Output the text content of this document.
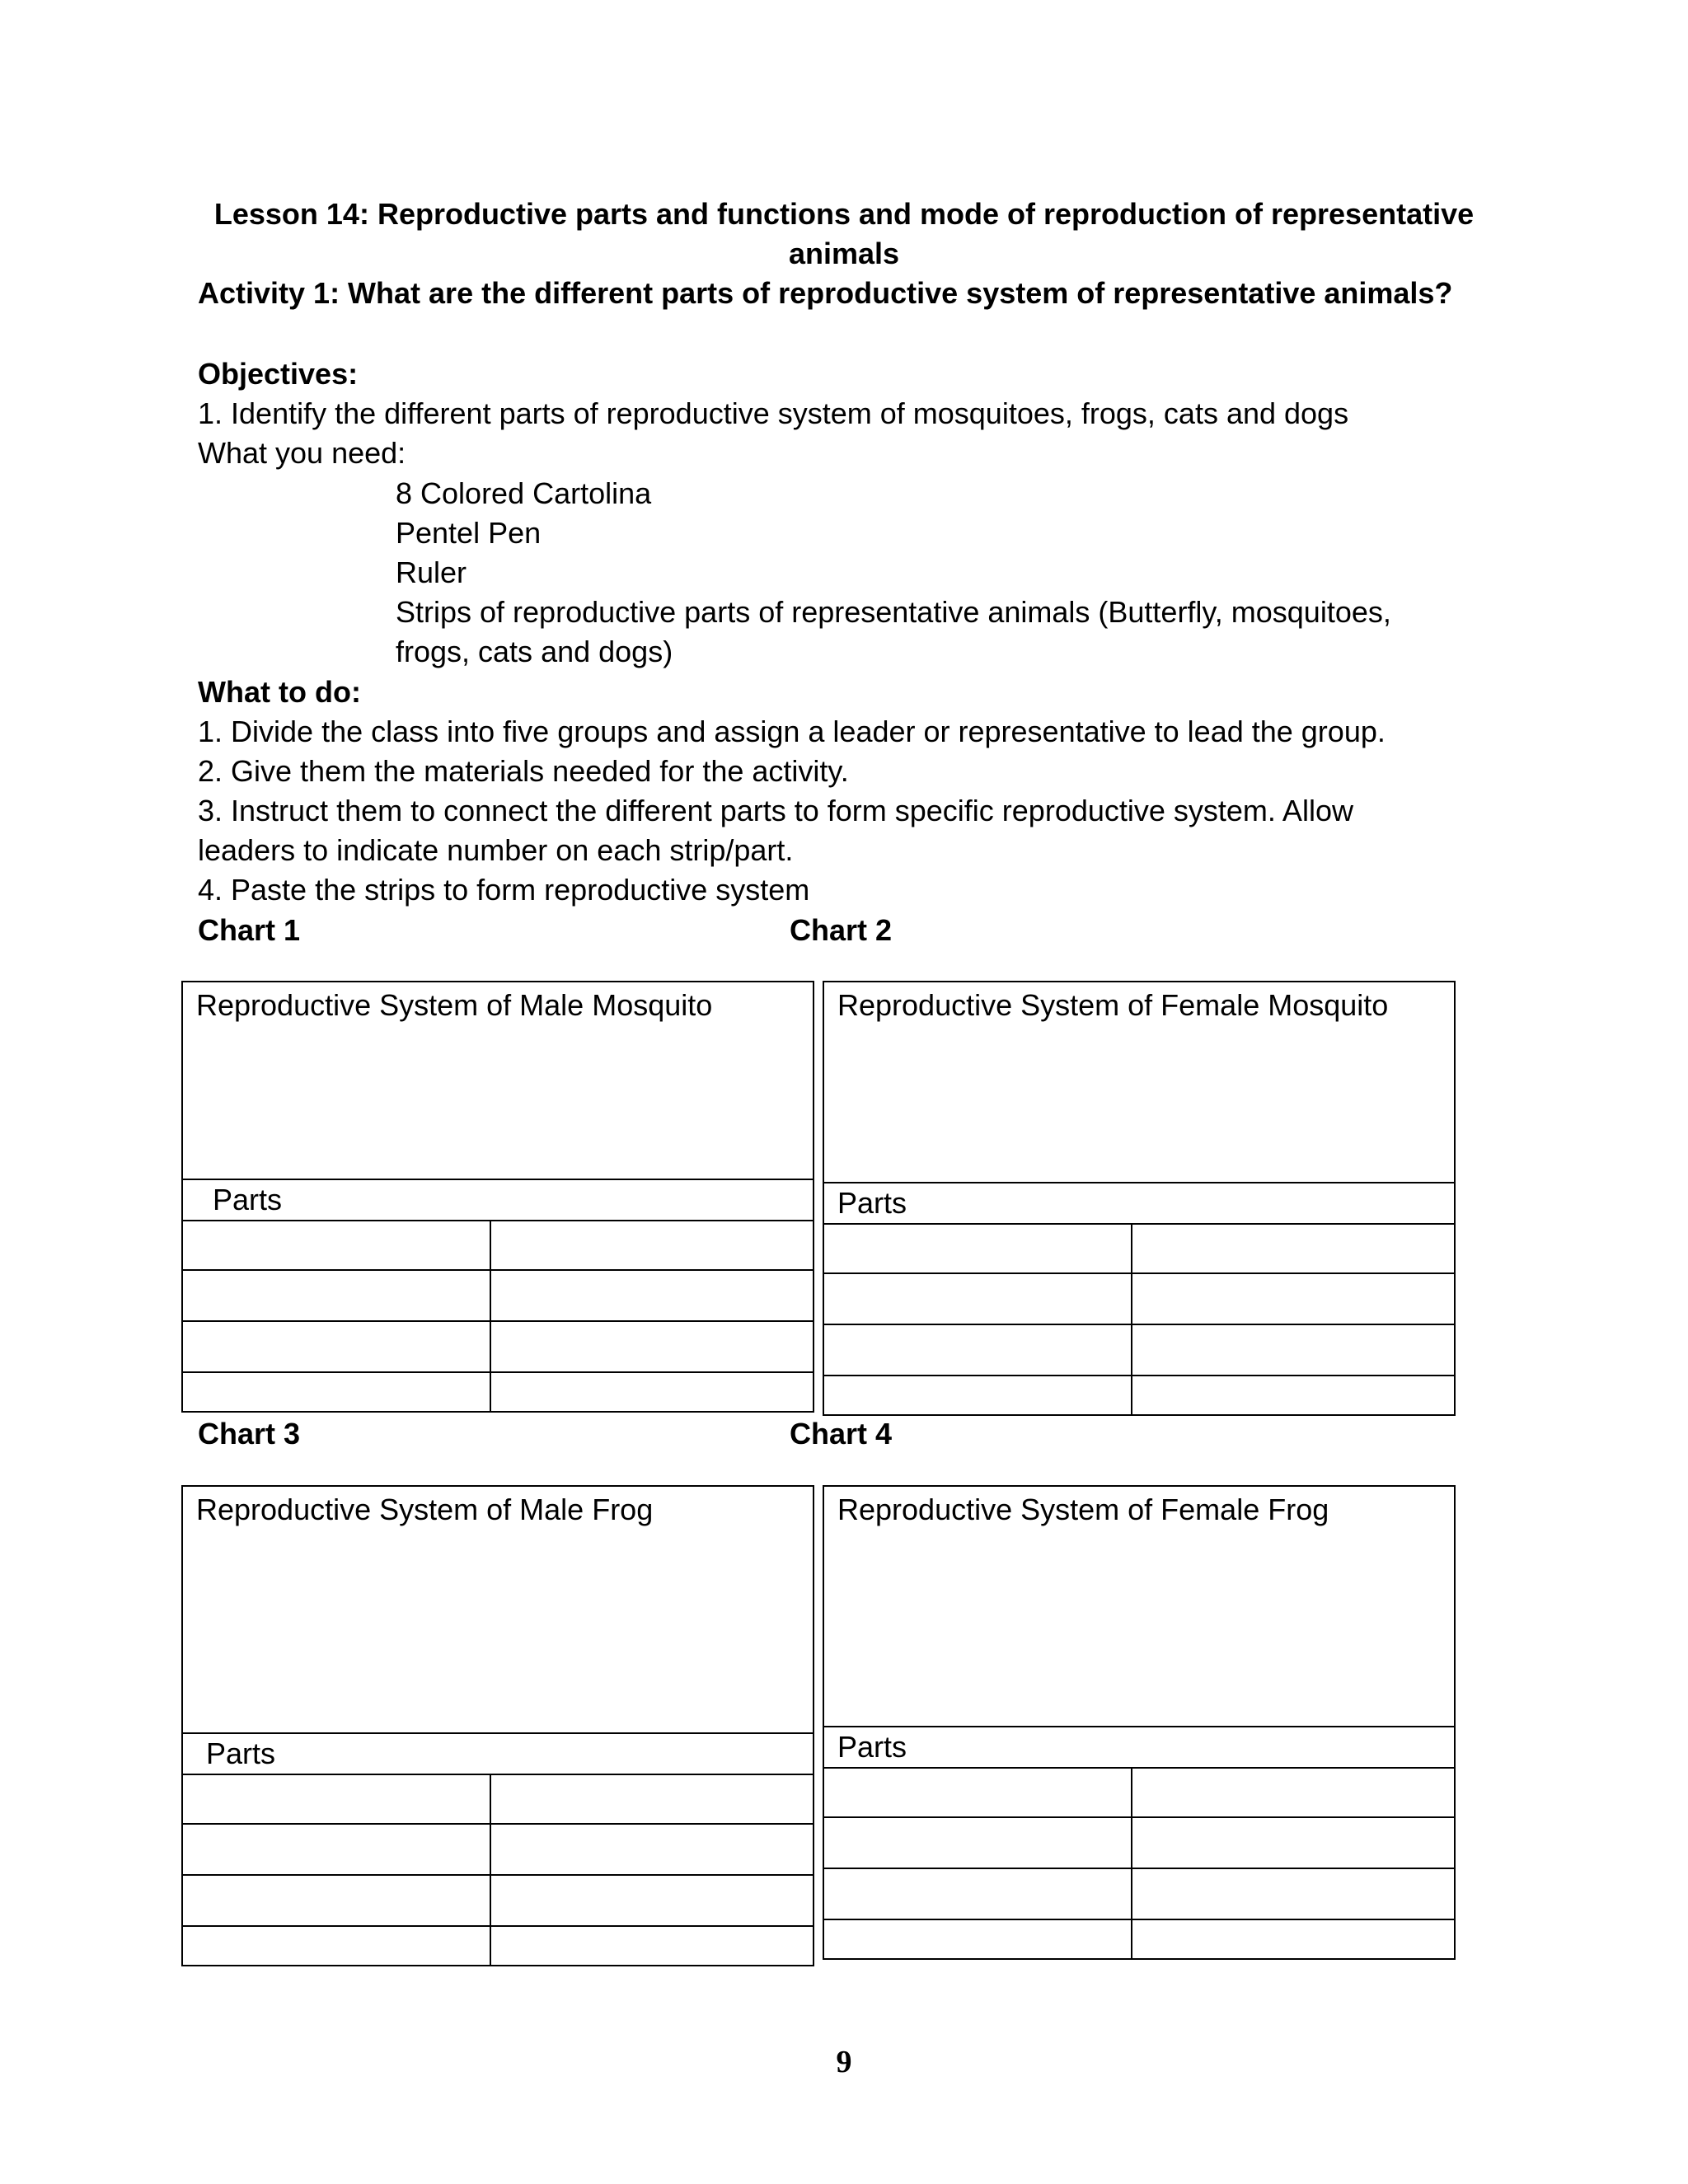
Lesson 14: Reproductive parts and functions and mode of reproduction of representative
animals
Activity 1: What are the different parts of reproductive system of representative animals?
Objectives:
1. Identify the different parts of reproductive system of mosquitoes, frogs, cats and dogs
What you need:
8 Colored Cartolina
Pentel Pen
Ruler
Strips of reproductive parts of representative animals (Butterfly, mosquitoes,
frogs, cats and dogs)
What to do:
1. Divide the class into five groups and assign a leader or representative to lead the group.
2. Give them the materials needed for the activity.
3. Instruct them to connect the different parts to form specific reproductive system. Allow
leaders to indicate number on each strip/part.
4. Paste the strips to form reproductive system
Chart 1	Chart 2
Reproductive System of Male Mosquito
Parts
Reproductive System of Female Mosquito
Parts
Chart 3	Chart 4
Reproductive System of Male Frog
Parts
Reproductive System of Female Frog
Parts
9
